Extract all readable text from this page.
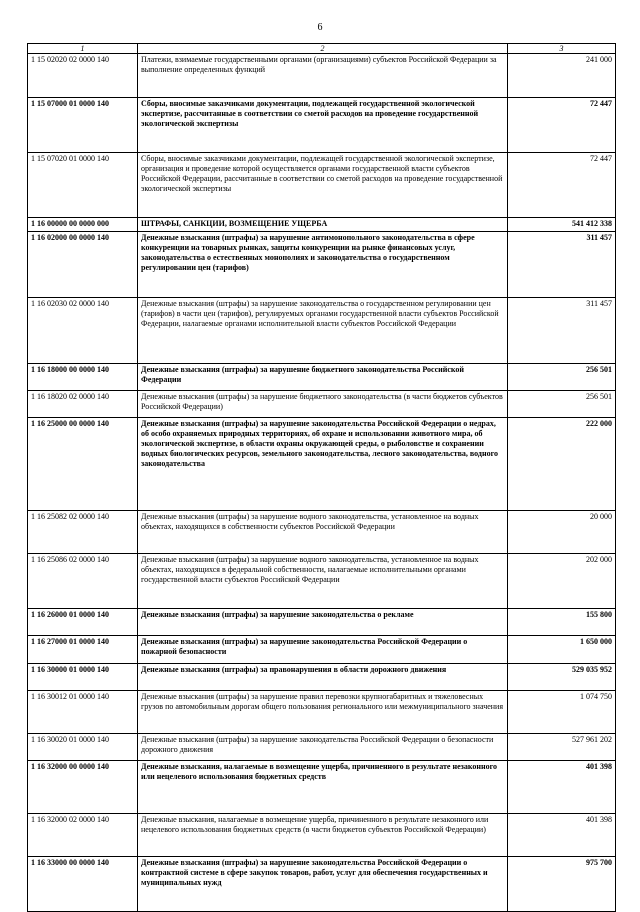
6
1	2	3
1 15 02020 02 0000 140	Платежи, взимаемые государственными органами (организациями) субъектов Российской Федерации за выполнение определенных функций	241 000
1 15 07000 01 0000 140	Сборы, вносимые заказчиками документации, подлежащей государственной экологической экспертизе, рассчитанные в соответствии со сметой расходов на проведение государственной экологической экспертизы	72 447
1 15 07020 01 0000 140	Сборы, вносимые заказчиками документации, подлежащей государственной экологической экспертизе, организация и проведение которой осуществляется органами государственной власти субъектов Российской Федерации, рассчитанные в соответствии со сметой расходов на проведение государственной экологической экспертизы	72 447
1 16 00000 00 0000 000	ШТРАФЫ, САНКЦИИ, ВОЗМЕЩЕНИЕ УЩЕРБА	541 412 338
1 16 02000 00 0000 140	Денежные взыскания (штрафы) за нарушение антимонопольного законодательства в сфере конкуренции на товарных рынках, защиты конкуренции на рынке финансовых услуг, законодательства о естественных монополиях и законодательства о государственном регулировании цен (тарифов)	311 457
1 16 02030 02 0000 140	Денежные взыскания (штрафы) за нарушение законодательства о государственном регулировании цен (тарифов) в части цен (тарифов), регулируемых органами государственной власти субъектов Российской Федерации, налагаемые органами исполнительной власти субъектов Российской Федерации	311 457
1 16 18000 00 0000 140	Денежные взыскания (штрафы) за нарушение бюджетного законодательства Российской Федерации	256 501
1 16 18020 02 0000 140	Денежные взыскания (штрафы) за нарушение бюджетного законодательства (в части бюджетов субъектов Российской Федерации)	256 501
1 16 25000 00 0000 140	Денежные взыскания (штрафы) за нарушение законодательства Российской Федерации о недрах, об особо охраняемых природных территориях, об охране и использовании животного мира, об экологической экспертизе, в области охраны окружающей среды, о рыболовстве и сохранении водных биологических ресурсов, земельного законодательства, лесного законодательства, водного законодательства	222 000
1 16 25082 02 0000 140	Денежные взыскания (штрафы) за нарушение водного законодательства, установленное на водных объектах, находящихся в собственности субъектов Российской Федерации	20 000
1 16 25086 02 0000 140	Денежные взыскания (штрафы) за нарушение водного законодательства, установленное на водных объектах, находящихся в федеральной собственности, налагаемые исполнительными органами государственной власти субъектов Российской Федерации	202 000
1 16 26000 01 0000 140	Денежные взыскания (штрафы) за нарушение законодательства о рекламе	155 800
1 16 27000 01 0000 140	Денежные взыскания (штрафы) за нарушение законодательства Российской Федерации о пожарной безопасности	1 650 000
1 16 30000 01 0000 140	Денежные взыскания (штрафы) за правонарушения в области дорожного движения	529 035 952
1 16 30012 01 0000 140	Денежные взыскания (штрафы) за нарушение правил перевозки крупногабаритных и тяжеловесных грузов по автомобильным дорогам общего пользования регионального или межмуниципального значения	1 074 750
1 16 30020 01 0000 140	Денежные взыскания (штрафы) за нарушение законодательства Российской Федерации о безопасности дорожного движения	527 961 202
1 16 32000 00 0000 140	Денежные взыскания, налагаемые в возмещение ущерба, причиненного в результате незаконного или нецелевого использования бюджетных средств	401 398
1 16 32000 02 0000 140	Денежные взыскания, налагаемые в возмещение ущерба, причиненного в результате незаконного или нецелевого использования бюджетных средств (в части бюджетов субъектов Российской Федерации)	401 398
1 16 33000 00 0000 140	Денежные взыскания (штрафы) за нарушение законодательства Российской Федерации о контрактной системе в сфере закупок товаров, работ, услуг для обеспечения государственных и муниципальных нужд	975 700
